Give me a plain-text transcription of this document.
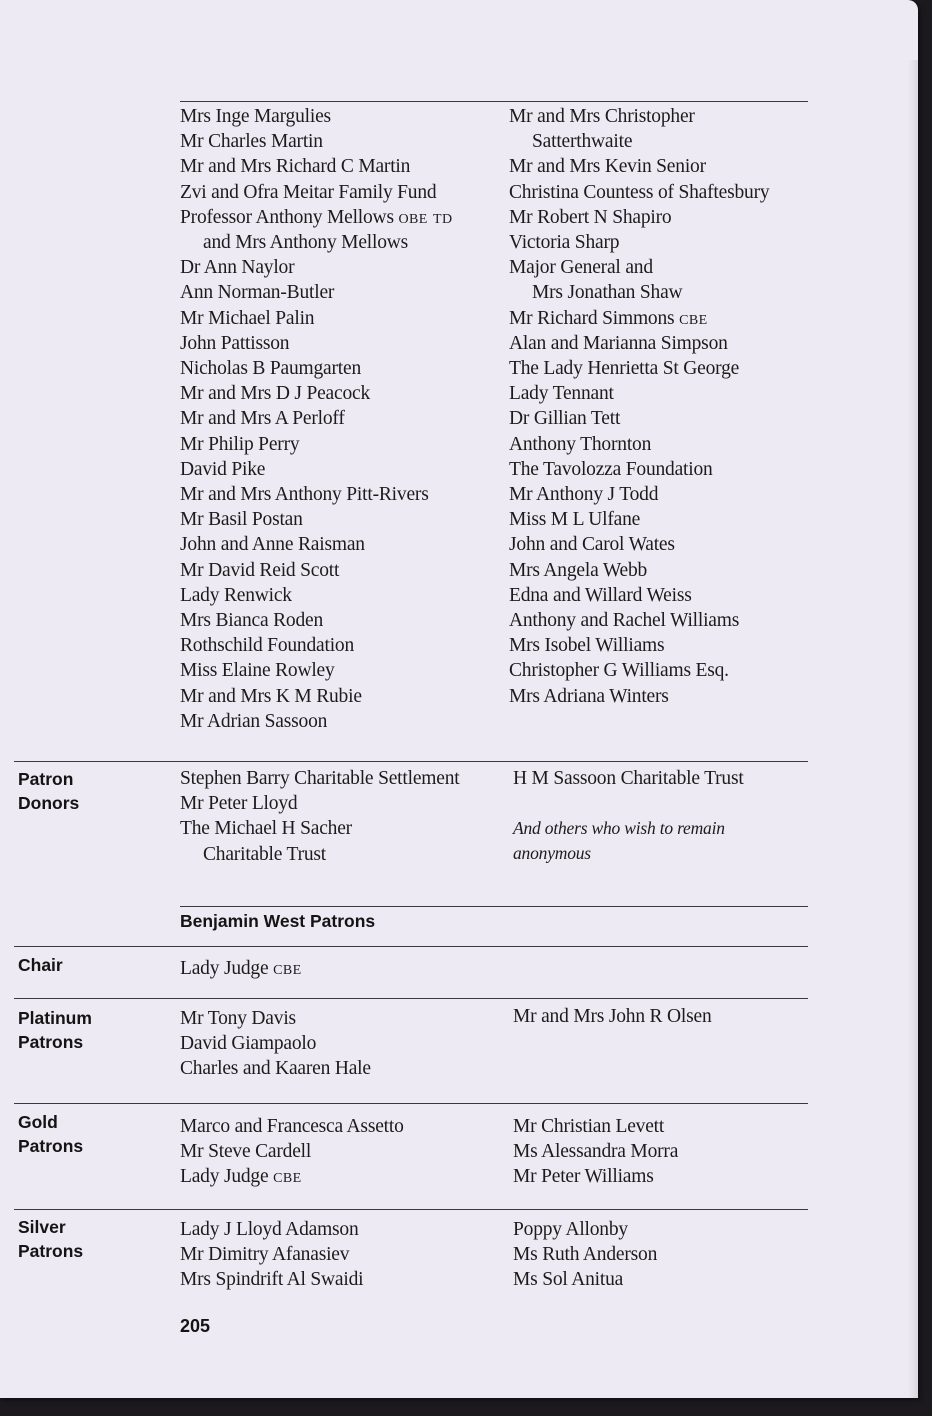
Mrs Inge Margulies
Mr Charles Martin
Mr and Mrs Richard C Martin
Zvi and Ofra Meitar Family Fund
Professor Anthony Mellows obe td
and Mrs Anthony Mellows
Dr Ann Naylor
Ann Norman-Butler
Mr Michael Palin
John Pattisson
Nicholas B Paumgarten
Mr and Mrs D J Peacock
Mr and Mrs A Perloff
Mr Philip Perry
David Pike
Mr and Mrs Anthony Pitt-Rivers
Mr Basil Postan
John and Anne Raisman
Mr David Reid Scott
Lady Renwick
Mrs Bianca Roden
Rothschild Foundation
Miss Elaine Rowley
Mr and Mrs K M Rubie
Mr Adrian Sassoon
Mr and Mrs Christopher
Satterthwaite
Mr and Mrs Kevin Senior
Christina Countess of Shaftesbury
Mr Robert N Shapiro
Victoria Sharp
Major General and
Mrs Jonathan Shaw
Mr Richard Simmons cbe
Alan and Marianna Simpson
The Lady Henrietta St George
Lady Tennant
Dr Gillian Tett
Anthony Thornton
The Tavolozza Foundation
Mr Anthony J Todd
Miss M L Ulfane
John and Carol Wates
Mrs Angela Webb
Edna and Willard Weiss
Anthony and Rachel Williams
Mrs Isobel Williams
Christopher G Williams Esq.
Mrs Adriana Winters
Patron
Donors
Stephen Barry Charitable Settlement
Mr Peter Lloyd
The Michael H Sacher
Charitable Trust
H M Sassoon Charitable Trust
And others who wish to remain
anonymous
Benjamin West Patrons
Chair	Lady Judge cbe
Platinum
Patrons
Mr Tony Davis
David Giampaolo
Charles and Kaaren Hale
Mr and Mrs John R Olsen
Gold
Patrons
Marco and Francesca Assetto
Mr Steve Cardell
Lady Judge cbe
Mr Christian Levett
Ms Alessandra Morra
Mr Peter Williams
Silver
Patrons
Lady J Lloyd Adamson
Mr Dimitry Afanasiev
Mrs Spindrift Al Swaidi
Poppy Allonby
Ms Ruth Anderson
Ms Sol Anitua
205
